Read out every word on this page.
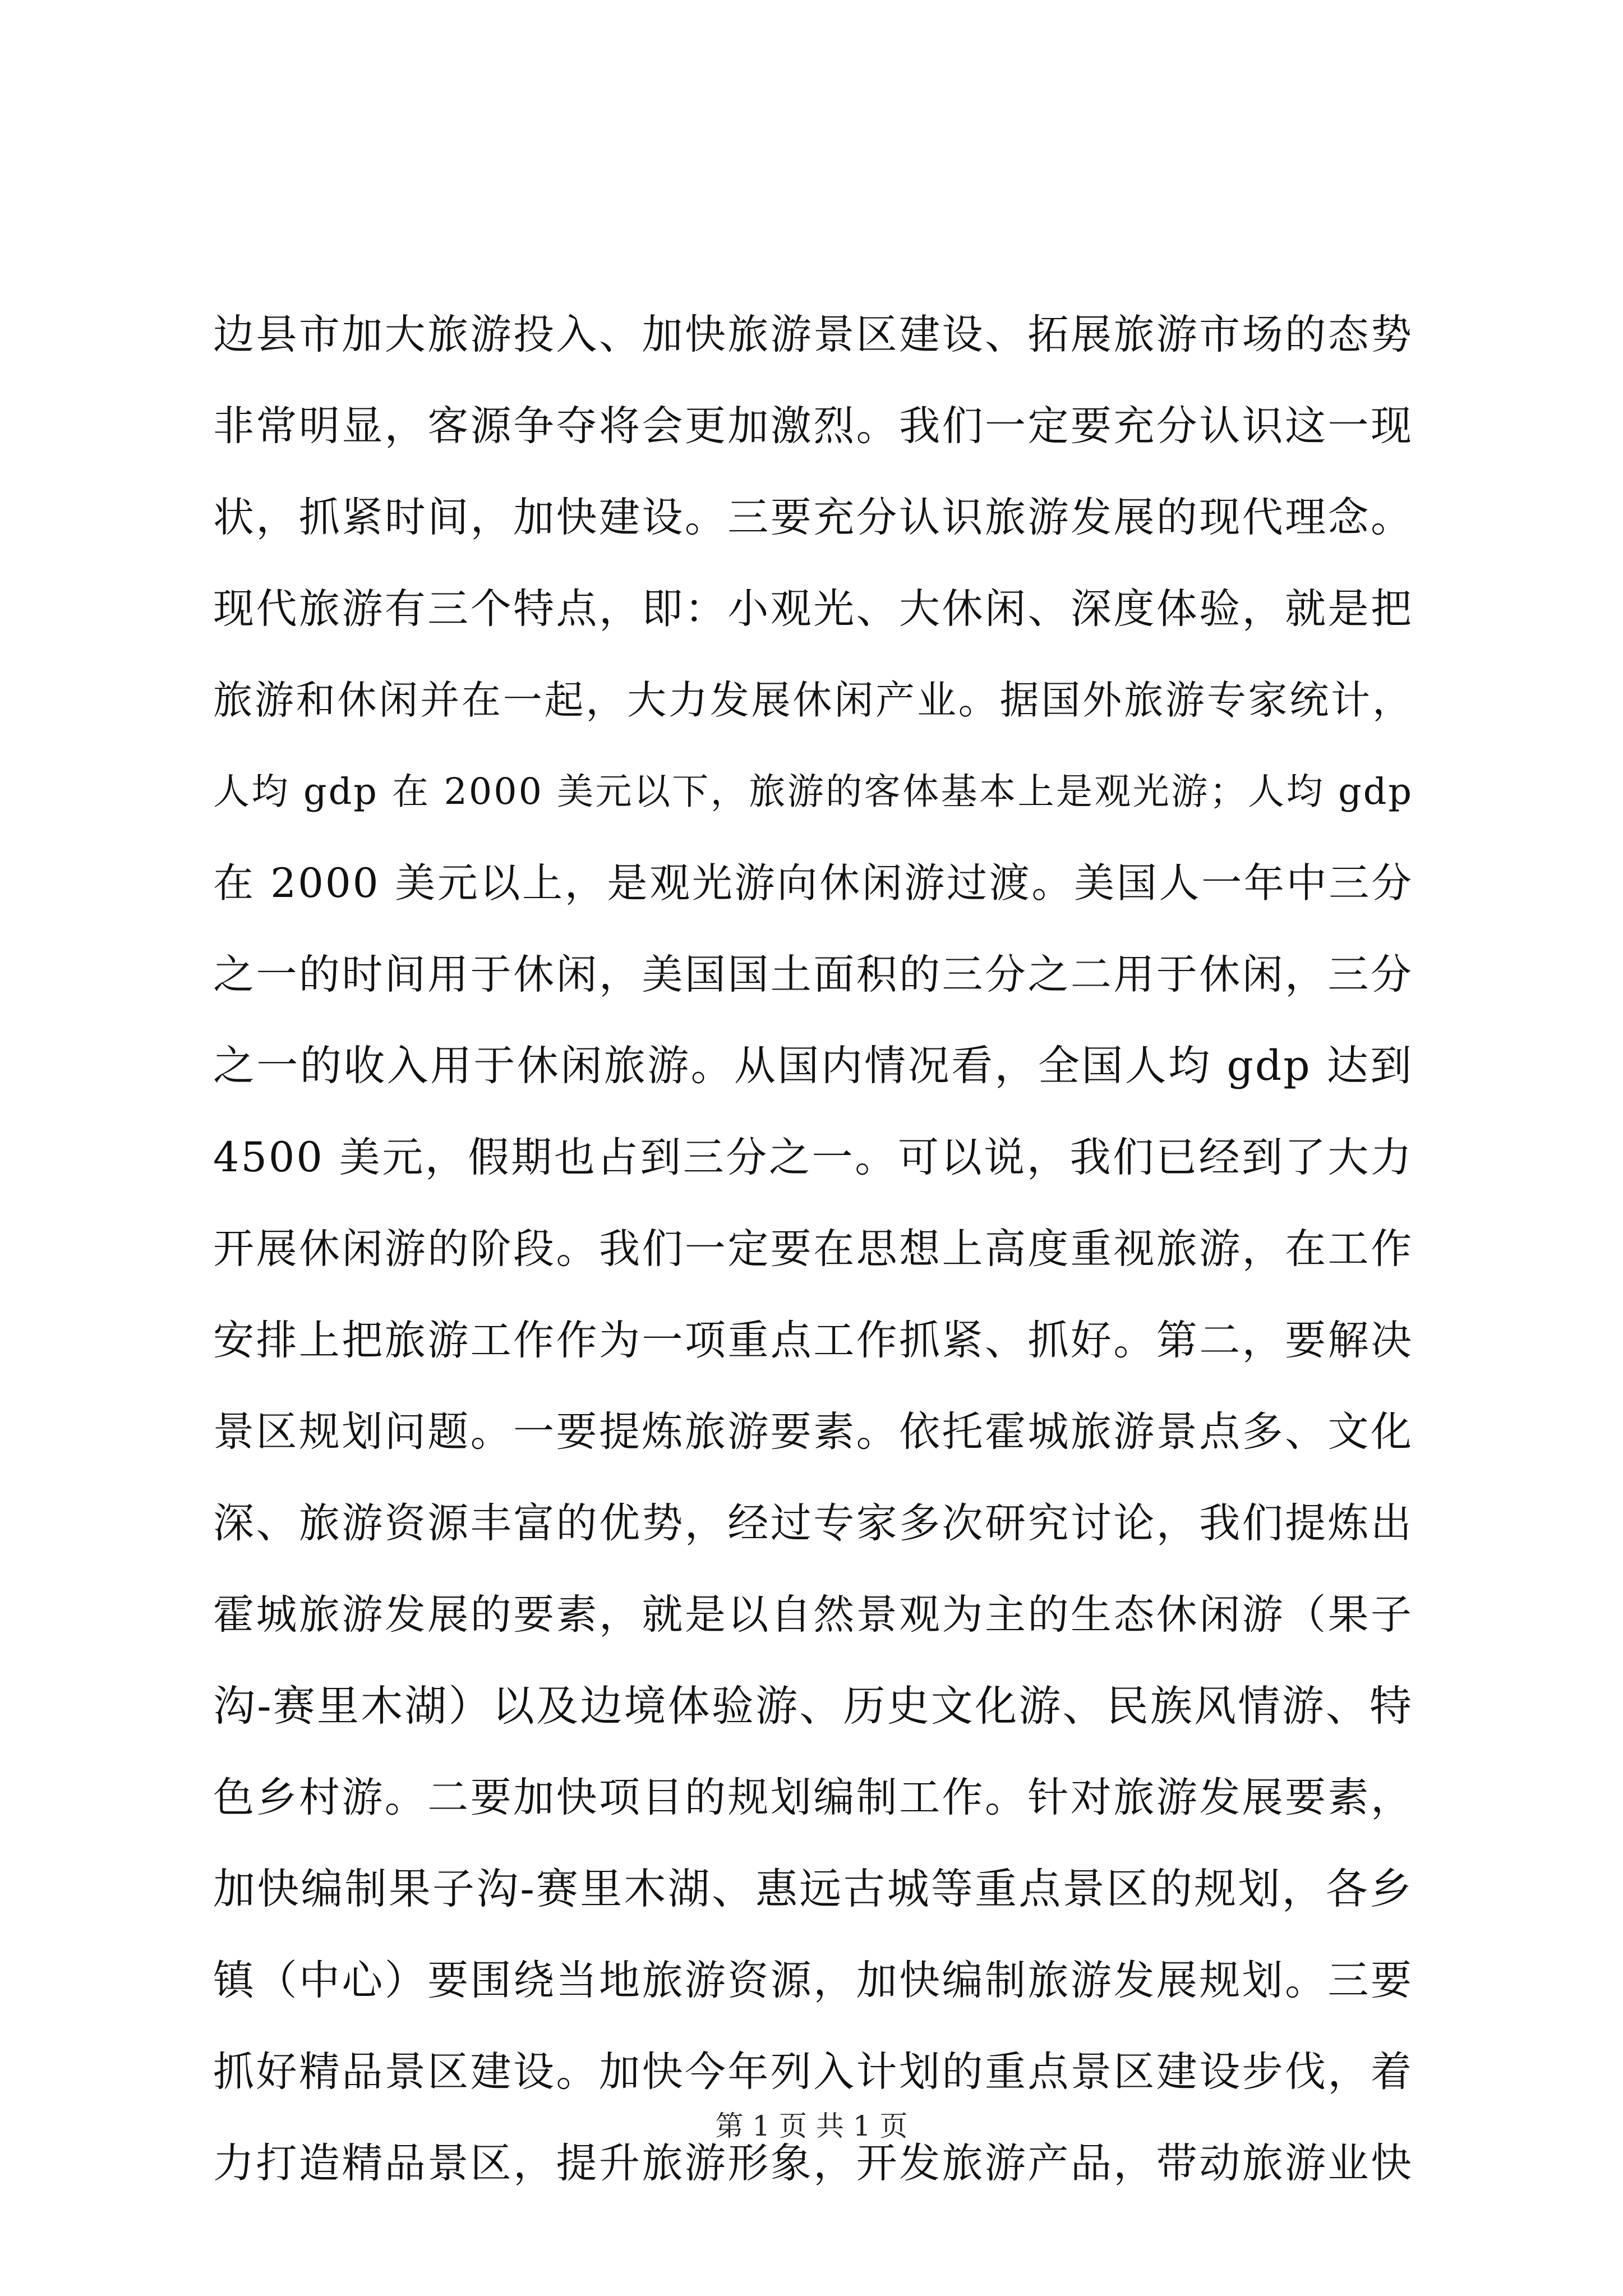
边县市加大旅游投入、加快旅游景区建设、拓展旅游市场的态势
非常明显，客源争夺将会更加激烈。我们一定要充分认识这一现
状，抓紧时间，加快建设。三要充分认识旅游发展的现代理念。
现代旅游有三个特点，即：小观光、大休闲、深度体验，就是把
旅游和休闲并在一起，大力发展休闲产业。据国外旅游专家统计，
人均 gdp 在 2000 美元以下，旅游的客体基本上是观光游；人均 gdp
在 2000 美元以上，是观光游向休闲游过渡。美国人一年中三分
之一的时间用于休闲，美国国土面积的三分之二用于休闲，三分
之一的收入用于休闲旅游。从国内情况看，全国人均 gdp 达到
4500 美元，假期也占到三分之一。可以说，我们已经到了大力
开展休闲游的阶段。我们一定要在思想上高度重视旅游，在工作
安排上把旅游工作作为一项重点工作抓紧、抓好。第二，要解决
景区规划问题。一要提炼旅游要素。依托霍城旅游景点多、文化
深、旅游资源丰富的优势，经过专家多次研究讨论，我们提炼出
霍城旅游发展的要素，就是以自然景观为主的生态休闲游（果子
沟-赛里木湖）以及边境体验游、历史文化游、民族风情游、特
色乡村游。二要加快项目的规划编制工作。针对旅游发展要素，
加快编制果子沟-赛里木湖、惠远古城等重点景区的规划，各乡
镇（中心）要围绕当地旅游资源，加快编制旅游发展规划。三要
抓好精品景区建设。加快今年列入计划的重点景区建设步伐，着
力打造精品景区，提升旅游形象，开发旅游产品，带动旅游业快
第 1 页 共 1 页
